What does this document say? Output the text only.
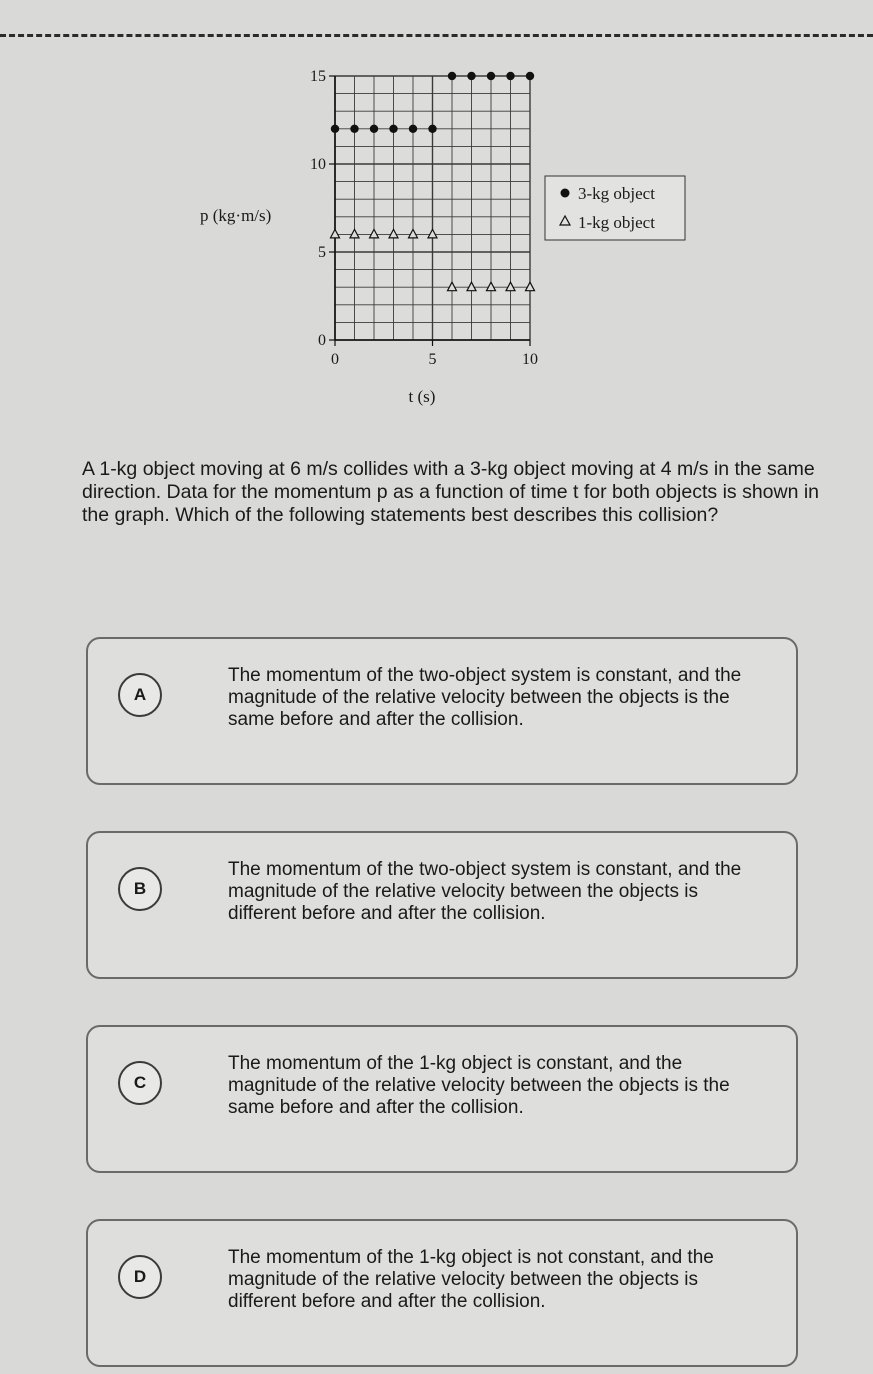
0	5	10
0
5
10
15
p (kg·m/s)
t (s)
3-kg object
1-kg object

A 1-kg object moving at 6 m/s collides with a 3-kg object moving at 4 m/s in the same direction. Data for the momentum p as a function of time t for both objects is shown in the graph. Which of the following statements best describes this collision?

A
The momentum of the two-object system is constant, and the magnitude of the relative velocity between the objects is the same before and after the collision.
B
The momentum of the two-object system is constant, and the magnitude of the relative velocity between the objects is different before and after the collision.
C
The momentum of the 1-kg object is constant, and the magnitude of the relative velocity between the objects is the same before and after the collision.
D
The momentum of the 1-kg object is not constant, and the magnitude of the relative velocity between the objects is different before and after the collision.
